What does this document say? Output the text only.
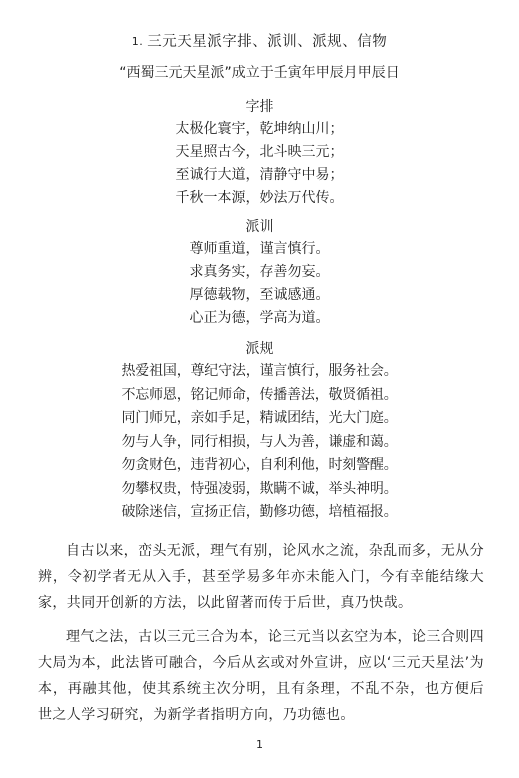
1. 三元天星派字排、派训、派规、信物
“西蜀三元天星派”成立于壬寅年甲辰月甲辰日
字排
太极化寰宇，乾坤纳山川；
天星照古今，北斗映三元；
至诚行大道，清静守中易；
千秋一本源，妙法万代传。
派训
尊师重道，谨言慎行。
求真务实，存善勿妄。
厚德载物，至诚感通。
心正为德，学高为道。
派规
热爱祖国，尊纪守法，谨言慎行，服务社会。
不忘师恩，铭记师命，传播善法，敬贤循祖。
同门师兄，亲如手足，精诚团结，光大门庭。
勿与人争，同行相损，与人为善，谦虚和蔼。
勿贪财色，违背初心，自利利他，时刻警醒。
勿攀权贵，恃强凌弱，欺瞒不诚，举头神明。
破除迷信，宣扬正信，勤修功德，培植福报。

自古以来，峦头无派，理气有别，论风水之流，杂乱而多，无从分辨，令初学者无从入手，甚至学易多年亦未能入门，今有幸能结缘大家，共同开创新的方法，以此留著而传于后世，真乃快哉。

理气之法，古以三元三合为本，论三元当以玄空为本，论三合则四大局为本，此法皆可融合，今后从玄或对外宣讲，应以‘三元天星法’为本，再融其他，使其系统主次分明，且有条理，不乱不杂，也方便后世之人学习研究，为新学者指明方向，乃功德也。

1
